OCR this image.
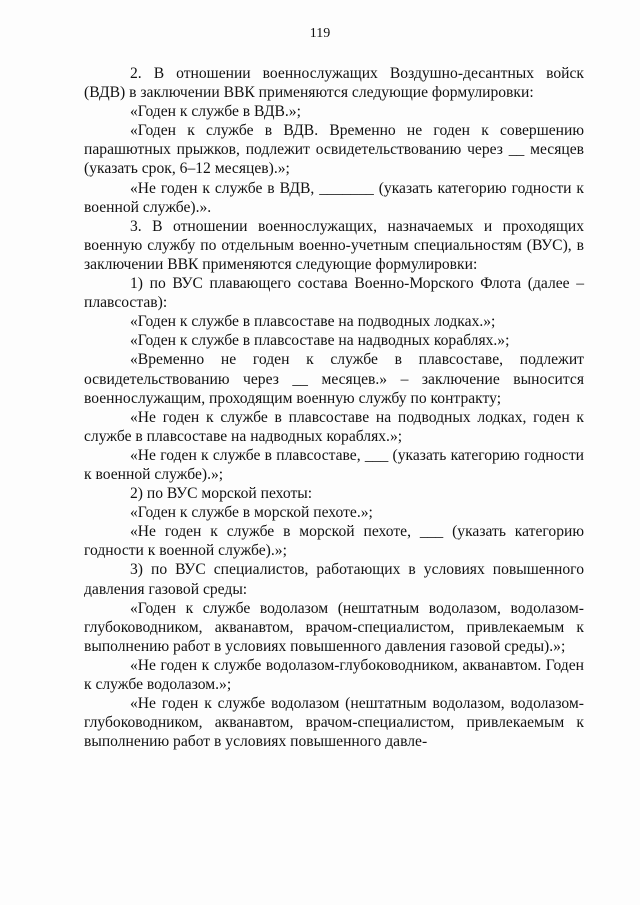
119

2. В отношении военнослужащих Воздушно-десантных войск (ВДВ) в заключении ВВК применяются следующие формулировки:

«Годен к службе в ВДВ.»;

«Годен к службе в ВДВ. Временно не годен к совершению парашютных прыжков, подлежит освидетельствованию через __ месяцев (указать срок, 6–12 месяцев).»;

«Не годен к службе в ВДВ, _______ (указать категорию годности к военной службе).».

3. В отношении военнослужащих, назначаемых и проходящих военную службу по отдельным военно-учетным специальностям (ВУС), в заключении ВВК применяются следующие формулировки:

1) по ВУС плавающего состава Военно-Морского Флота (далее – плавсостав):

«Годен к службе в плавсоставе на подводных лодках.»;

«Годен к службе в плавсоставе на надводных кораблях.»;

«Временно не годен к службе в плавсоставе, подлежит освидетельствованию через __ месяцев.» – заключение выносится военнослужащим, проходящим военную службу по контракту;

«Не годен к службе в плавсоставе на подводных лодках, годен к службе в плавсоставе на надводных кораблях.»;

«Не годен к службе в плавсоставе, ___ (указать категорию годности к военной службе).»;

2) по ВУС морской пехоты:

«Годен к службе в морской пехоте.»;

«Не годен к службе в морской пехоте, ___ (указать категорию годности к военной службе).»;

3) по ВУС специалистов, работающих в условиях повышенного давления газовой среды:

«Годен к службе водолазом (нештатным водолазом, водолазом-глубоководником, акванавтом, врачом-специалистом, привлекаемым к выполнению работ в условиях повышенного давления газовой среды).»;

«Не годен к службе водолазом-глубоководником, акванавтом. Годен к службе водолазом.»;

«Не годен к службе водолазом (нештатным водолазом, водолазом-глубоководником, акванавтом, врачом-специалистом, привлекаемым к выполнению работ в условиях повышенного давле-
